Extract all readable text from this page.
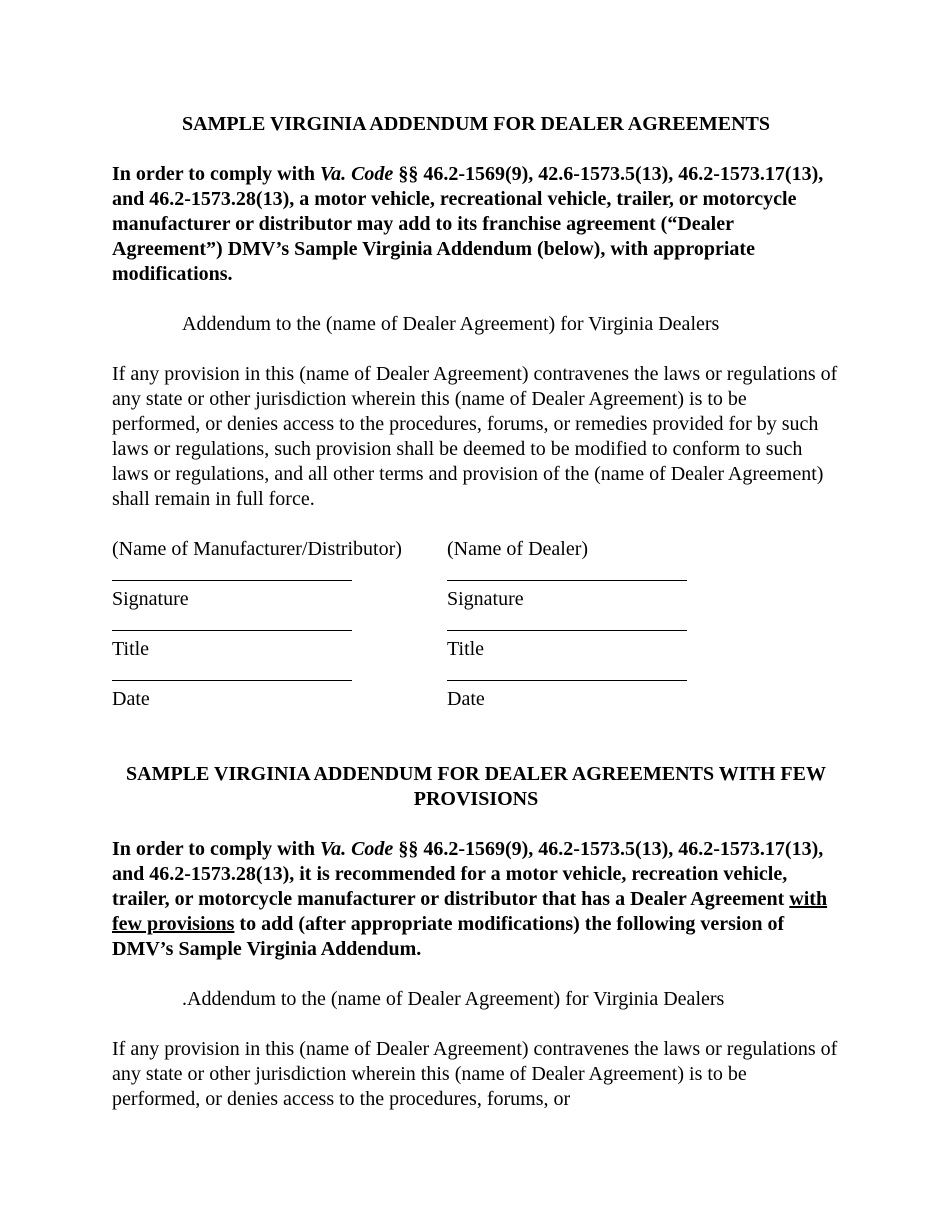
SAMPLE VIRGINIA ADDENDUM FOR DEALER AGREEMENTS

In order to comply with Va. Code §§ 46.2-1569(9), 42.6-1573.5(13), 46.2-1573.17(13), and 46.2-1573.28(13), a motor vehicle, recreational vehicle, trailer, or motorcycle manufacturer or distributor may add to its franchise agreement (“Dealer Agreement”) DMV’s Sample Virginia Addendum (below), with appropriate modifications.

Addendum to the (name of Dealer Agreement) for Virginia Dealers

If any provision in this (name of Dealer Agreement) contravenes the laws or regulations of any state or other jurisdiction wherein this (name of Dealer Agreement) is to be performed, or denies access to the procedures, forums, or remedies provided for by such laws or regulations, such provision shall be deemed to be modified to conform to such laws or regulations, and all other terms and provision of the (name of Dealer Agreement) shall remain in full force.

(Name of Manufacturer/Distributor)	(Name of Dealer)
Signature	Signature
Title	Title
Date	Date

SAMPLE VIRGINIA ADDENDUM FOR DEALER AGREEMENTS WITH FEW PROVISIONS

In order to comply with Va. Code §§ 46.2-1569(9), 46.2-1573.5(13), 46.2-1573.17(13), and 46.2-1573.28(13), it is recommended for a motor vehicle, recreation vehicle, trailer, or motorcycle manufacturer or distributor that has a Dealer Agreement with few provisions to add (after appropriate modifications) the following version of DMV’s Sample Virginia Addendum.

.Addendum to the (name of Dealer Agreement) for Virginia Dealers

If any provision in this (name of Dealer Agreement) contravenes the laws or regulations of any state or other jurisdiction wherein this (name of Dealer Agreement) is to be performed, or denies access to the procedures, forums, or
